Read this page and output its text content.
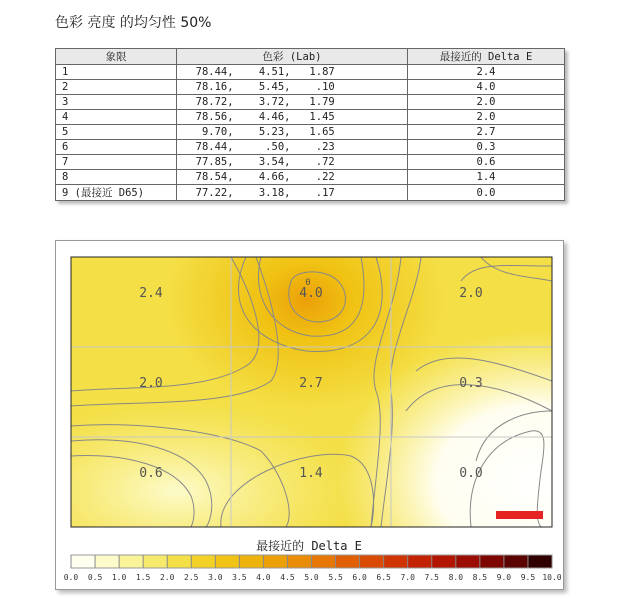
色彩 亮度 的均匀性 50%
象限	色彩 (Lab)	最接近的 Delta E
1	78.44,    4.51,   1.87	2.4
2	78.16,    5.45,    .10	4.0
3	78.72,    3.72,   1.79	2.0
4	78.56,    4.46,   1.45	2.0
5	9.70,    5.23,   1.65	2.7
6	78.44,     .50,    .23	0.3
7	77.85,    3.54,    .72	0.6
8	78.54,    4.66,    .22	1.4
9 (最接近 D65)	77.22,    3.18,    .17	0.0
2.4	4.0	2.0
2.0	2.7	0.3
0.6	1.4	0.0
0
最接近的 Delta E
0.0 0.5 1.0 1.5 2.0 2.5 3.0 3.5 4.0 4.5 5.0 5.5 6.0 6.5 7.0 7.5 8.0 8.5 9.0 9.5 10.0
